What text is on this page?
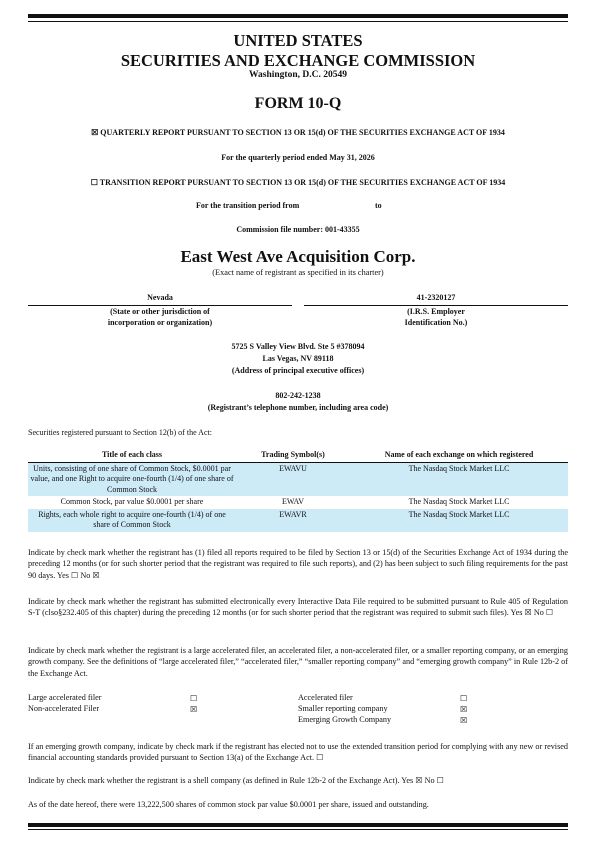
UNITED STATES
SECURITIES AND EXCHANGE COMMISSION
Washington, D.C. 20549
FORM 10-Q
☒ QUARTERLY REPORT PURSUANT TO SECTION 13 OR 15(d) OF THE SECURITIES EXCHANGE ACT OF 1934
For the quarterly period ended May 31, 2026
☐ TRANSITION REPORT PURSUANT TO SECTION 13 OR 15(d) OF THE SECURITIES EXCHANGE ACT OF 1934
For the transition period from	to
Commission file number: 001-43355
East West Ave Acquisition Corp.
(Exact name of registrant as specified in its charter)
Nevada
(State or other jurisdiction of
incorporation or organization)
41-2320127
(I.R.S. Employer
Identification No.)
5725 S Valley View Blvd. Ste 5 #378094
Las Vegas, NV 89118
(Address of principal executive offices)
802-242-1238
(Registrant’s telephone number, including area code)
Securities registered pursuant to Section 12(b) of the Act:
Title of each class	Trading Symbol(s)	Name of each exchange on which registered
Units, consisting of one share of Common Stock, $0.0001 par value, and one Right to acquire one-fourth (1/4) of one share of Common Stock	EWAVU	The Nasdaq Stock Market LLC
Common Stock, par value $0.0001 per share	EWAV	The Nasdaq Stock Market LLC
Rights, each whole right to acquire one-fourth (1/4) of one share of Common Stock	EWAVR	The Nasdaq Stock Market LLC
Indicate by check mark whether the registrant has (1) filed all reports required to be filed by Section 13 or 15(d) of the Securities Exchange Act of 1934 during the preceding 12 months (or for such shorter period that the registrant was required to file such reports), and (2) has been subject to such filing requirements for the past 90 days. Yes ☐ No ☒
Indicate by check mark whether the registrant has submitted electronically every Interactive Data File required to be submitted pursuant to Rule 405 of Regulation S-T (clso§232.405 of this chapter) during the preceding 12 months (or for such shorter period that the registrant was required to submit such files). Yes ☒ No ☐
Indicate by check mark whether the registrant is a large accelerated filer, an accelerated filer, a non-accelerated filer, or a smaller reporting company, or an emerging growth company. See the definitions of “large accelerated filer,” “accelerated filer,” “smaller reporting company” and “emerging growth company” in Rule 12b-2 of the Exchange Act.
Large accelerated filer	☐
Non-accelerated Filer	☒
Accelerated filer	☐
Smaller reporting company	☒
Emerging Growth Company	☒
If an emerging growth company, indicate by check mark if the registrant has elected not to use the extended transition period for complying with any new or revised financial accounting standards provided pursuant to Section 13(a) of the Exchange Act. ☐
Indicate by check mark whether the registrant is a shell company (as defined in Rule 12b-2 of the Exchange Act). Yes ☒ No ☐
As of the date hereof, there were 13,222,500 shares of common stock par value $0.0001 per share, issued and outstanding.
